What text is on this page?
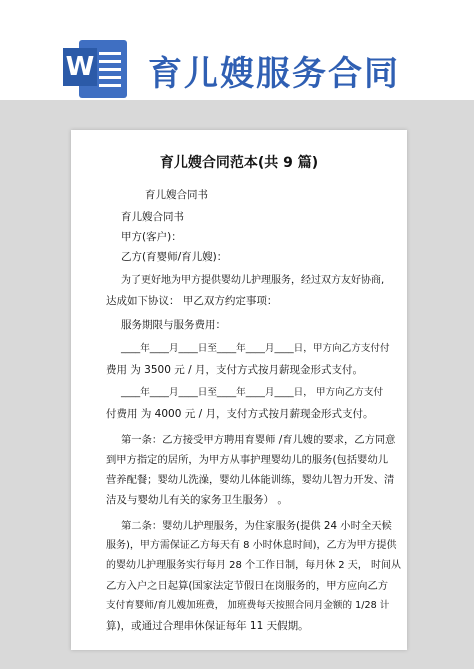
W 育儿嫂服务合同
育儿嫂合同范本(共 9 篇)
育儿嫂合同书
育儿嫂合同书
甲方(客户)：
乙方(育婴师/育儿嫂)：
为了更好地为甲方提供婴幼儿护理服务，经过双方友好协商,
达成如下协议： 甲乙双方约定事项：
服务期限与服务费用：
____年____月____日至____年____月____日，甲方向乙方支付付
费用 为 3500 元 / 月，支付方式按月薪现金形式支付。
____年____月____日至____年____月____日， 甲方向乙方支付
付费用 为 4000 元 / 月，支付方式按月薪现金形式支付。
第一条：乙方接受甲方聘用育婴师 /育儿嫂的要求，乙方同意
到甲方指定的居所，为甲方从事护理婴幼儿的服务(包括婴幼儿
营养配餐；婴幼儿洗澡，婴幼儿体能训练，婴幼儿智力开发、清
洁及与婴幼儿有关的家务卫生服务） 。
第二条：婴幼儿护理服务，为住家服务(提供 24 小时全天候
服务)，甲方需保证乙方每天有 8 小时休息时间)，乙方为甲方提供
的婴幼儿护理服务实行每月 28 个工作日制，每月休 2 天， 时间从
乙方入户之日起算(国家法定节假日在岗服务的，甲方应向乙方
支付育婴师/育儿嫂加班费， 加班费每天按照合同月金额的 1/28 计
算)，或通过合理串休保证每年 11 天假期。
